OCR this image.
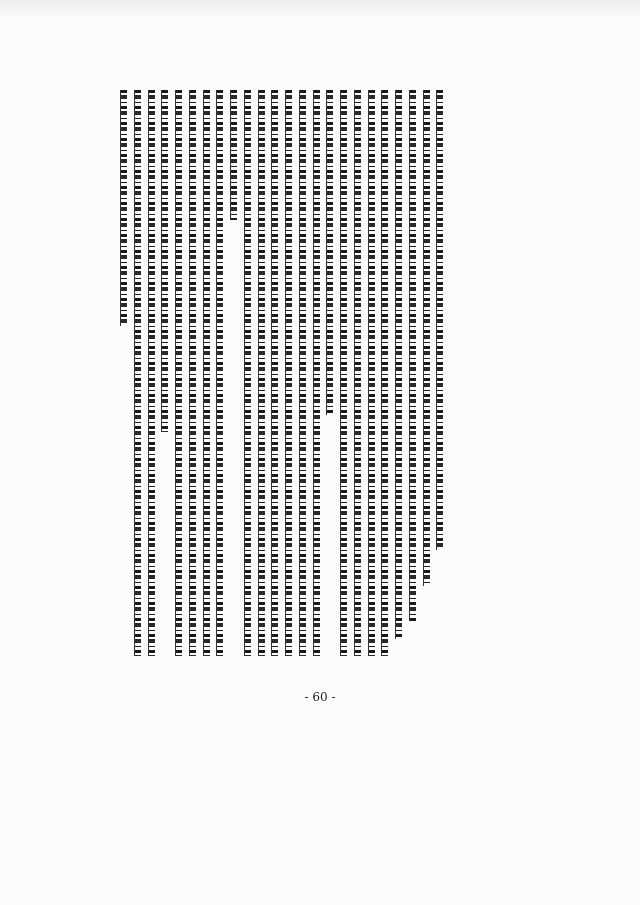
- 60 -
